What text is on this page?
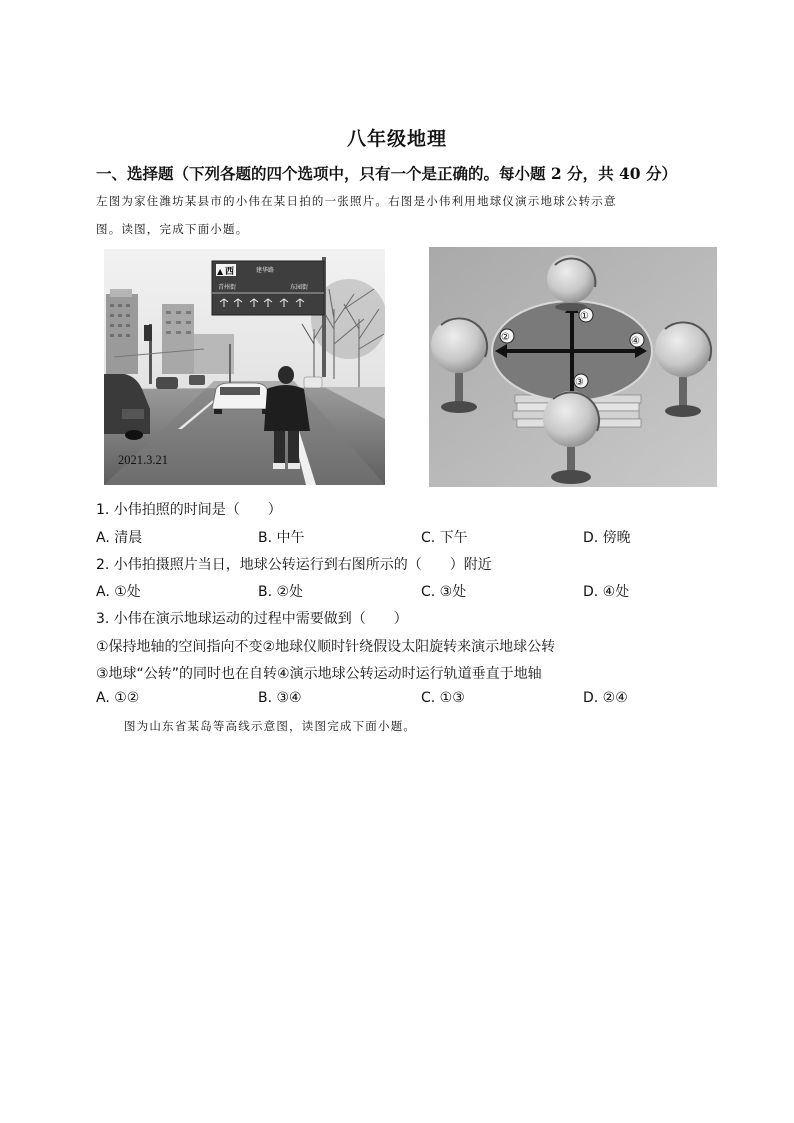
八年级地理
一、选择题（下列各题的四个选项中，只有一个是正确的。每小题 2 分，共 40 分）
左图为家住潍坊某县市的小伟在某日拍的一张照片。右图是小伟利用地球仪演示地球公转示意
图。读图，完成下面小题。
▲ 西	建华路
青州街	东园街
2021.3.21
①
②
③
④
1. 小伟拍照的时间是（　　）
A. 清晨	B. 中午	C. 下午	D. 傍晚
2. 小伟拍摄照片当日，地球公转运行到右图所示的（　　）附近
A. ①处	B. ②处	C. ③处	D. ④处
3. 小伟在演示地球运动的过程中需要做到（　　）
①保持地轴的空间指向不变②地球仪顺时针绕假设太阳旋转来演示地球公转
③地球“公转”的同时也在自转④演示地球公转运动时运行轨道垂直于地轴
A. ①②	B. ③④	C. ①③	D. ②④
图为山东省某岛等高线示意图，读图完成下面小题。
